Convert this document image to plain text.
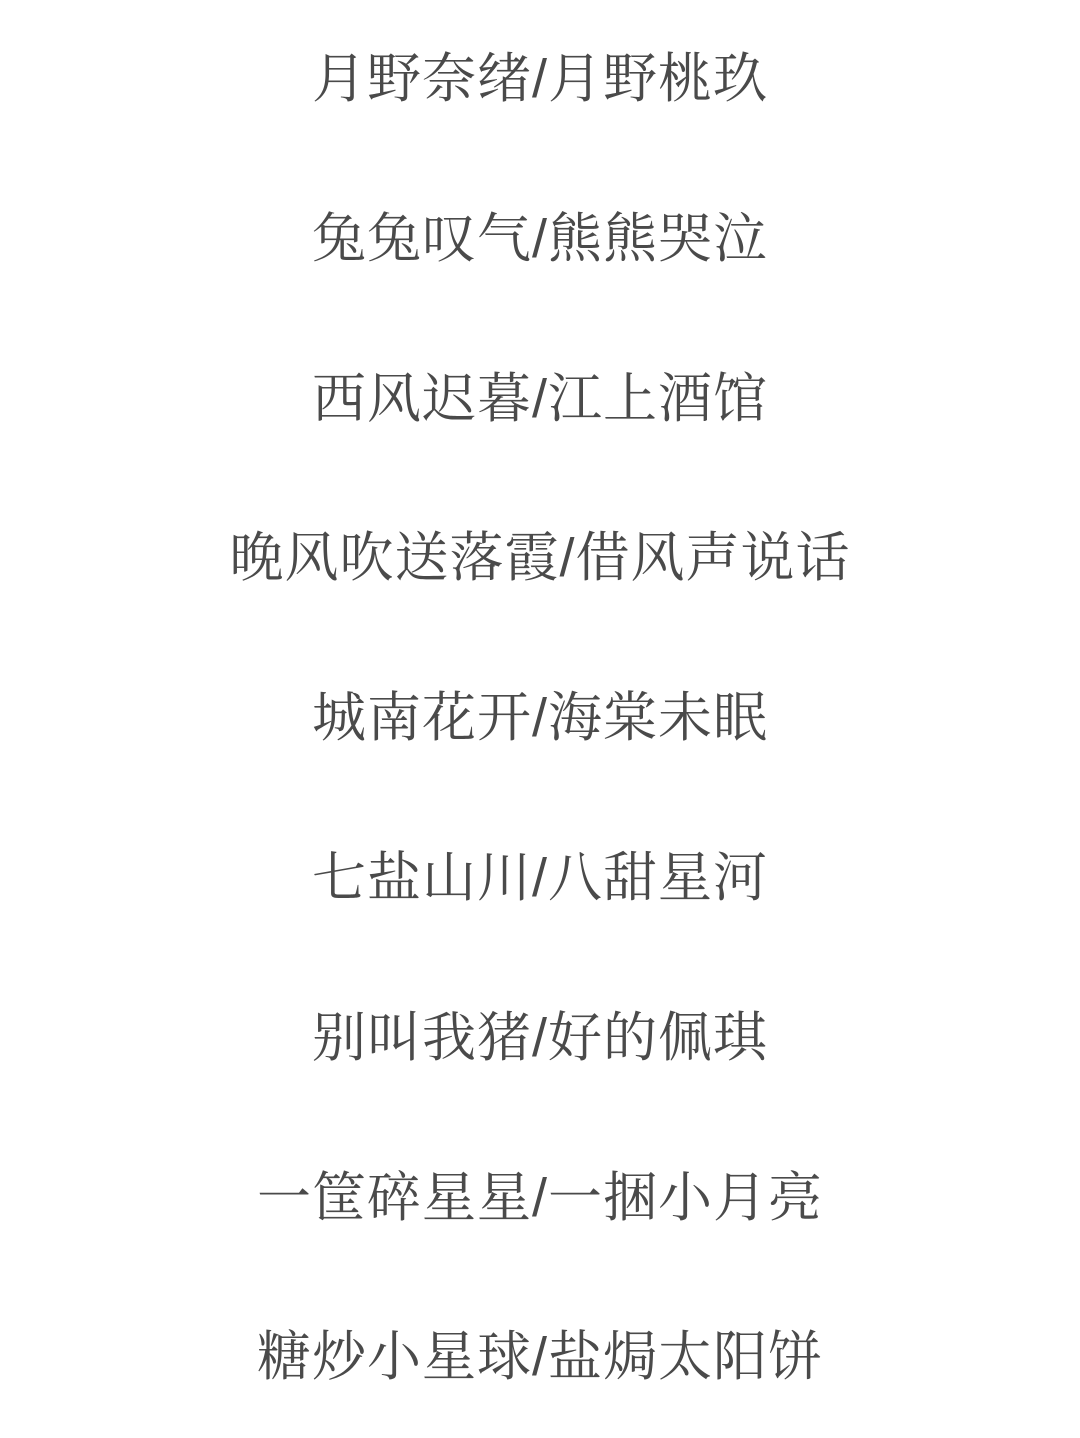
月野奈绪/月野桃玖
兔兔叹气/熊熊哭泣
西风迟暮/江上酒馆
晚风吹送落霞/借风声说话
城南花开/海棠未眠
七盐山川/八甜星河
别叫我猪/好的佩琪
一筐碎星星/一捆小月亮
糖炒小星球/盐焗太阳饼
